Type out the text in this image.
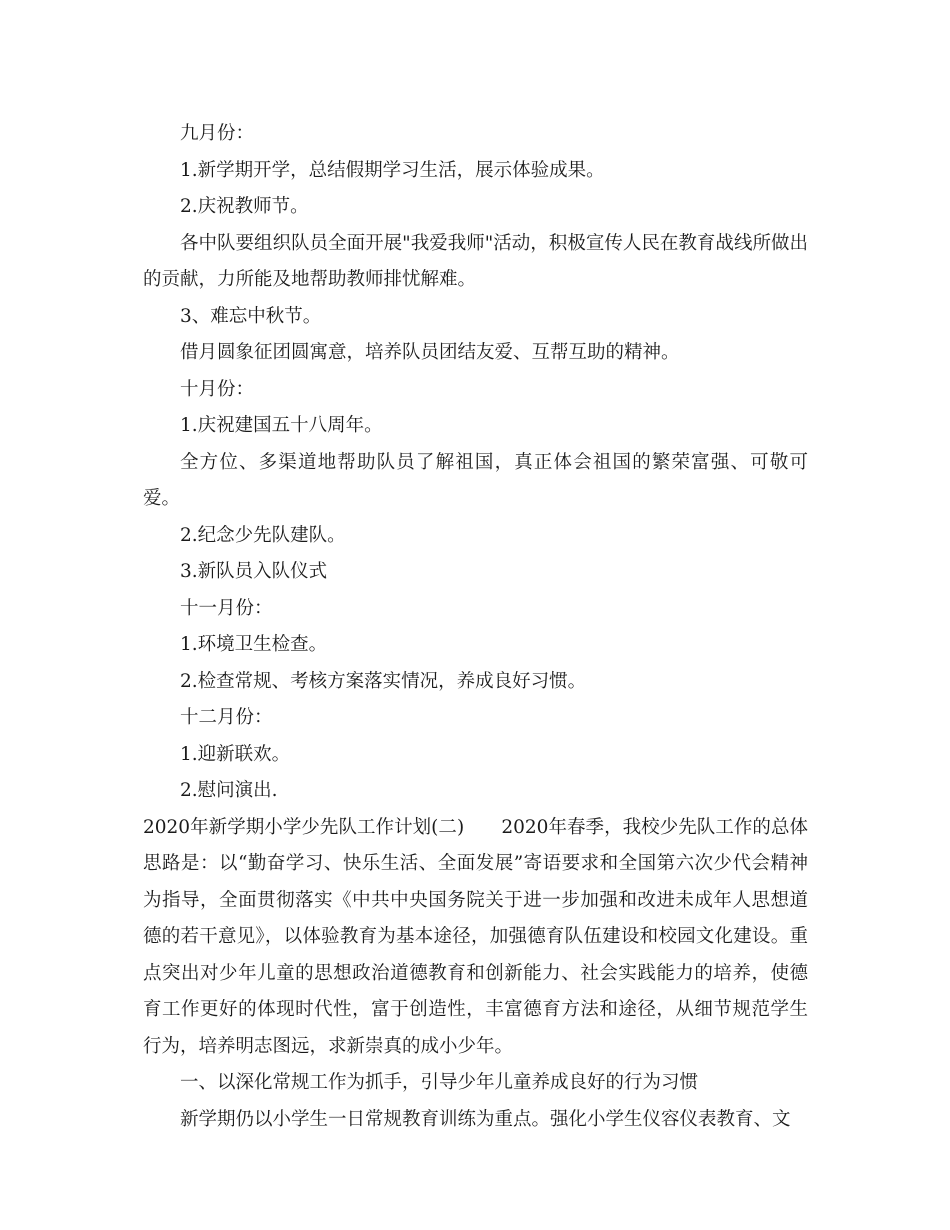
九月份：

1.新学期开学，总结假期学习生活，展示体验成果。

2.庆祝教师节。

各中队要组织队员全面开展"我爱我师"活动，积极宣传人民在教育战线所做出的贡献，力所能及地帮助教师排忧解难。

3、难忘中秋节。

借月圆象征团圆寓意，培养队员团结友爱、互帮互助的精神。

十月份：

1.庆祝建国五十八周年。

全方位、多渠道地帮助队员了解祖国，真正体会祖国的繁荣富强、可敬可爱。

2.纪念少先队建队。

3.新队员入队仪式

十一月份：

1.环境卫生检查。

2.检查常规、考核方案落实情况，养成良好习惯。

十二月份：

1.迎新联欢。

2.慰问演出.

2020年新学期小学少先队工作计划(二)　　2020年春季，我校少先队工作的总体思路是：以“勤奋学习、快乐生活、全面发展”寄语要求和全国第六次少代会精神为指导，全面贯彻落实《中共中央国务院关于进一步加强和改进未成年人思想道德的若干意见》，以体验教育为基本途径，加强德育队伍建设和校园文化建设。重点突出对少年儿童的思想政治道德教育和创新能力、社会实践能力的培养，使德育工作更好的体现时代性，富于创造性，丰富德育方法和途径，从细节规范学生行为，培养明志图远，求新崇真的成小少年。

一、以深化常规工作为抓手，引导少年儿童养成良好的行为习惯

新学期仍以小学生一日常规教育训练为重点。强化小学生仪容仪表教育、文
